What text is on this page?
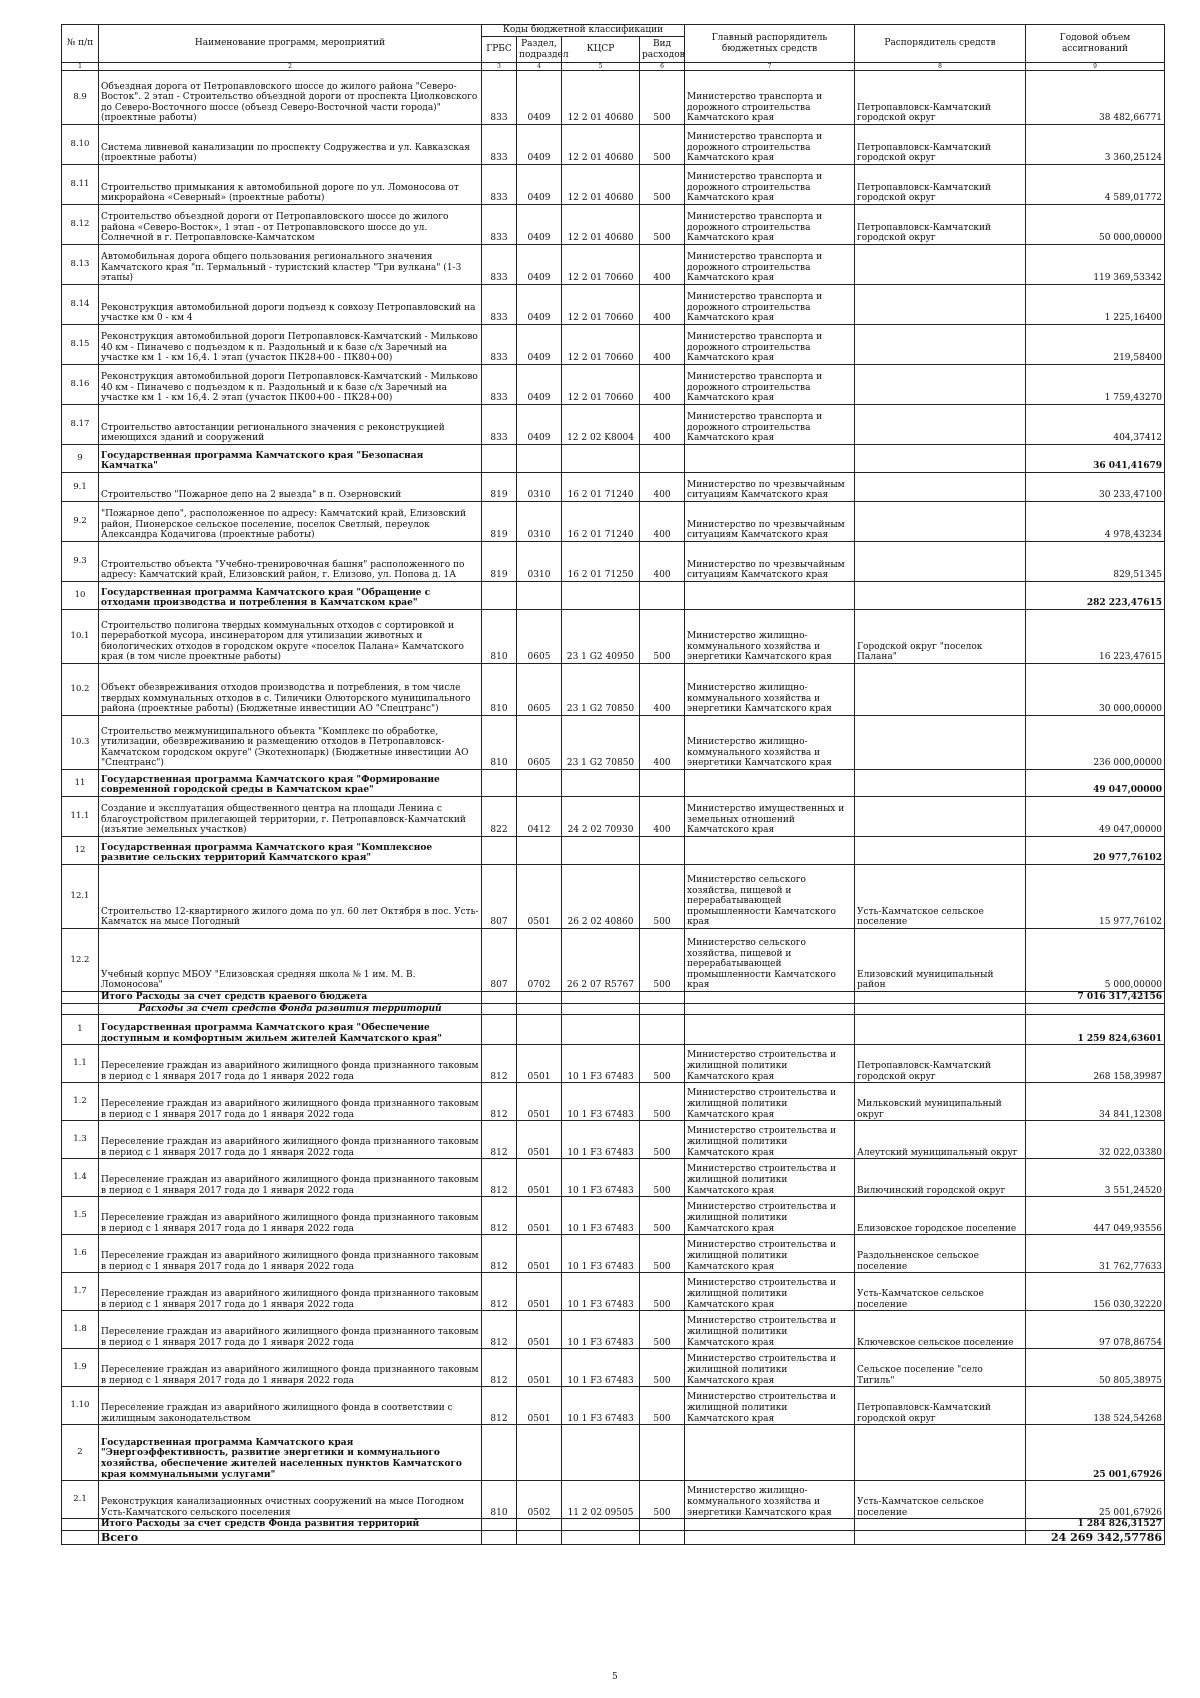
№ п/п	Наименование программ, мероприятий	Коды бюджетной классификации				Главный распорядитель бюджетных средств	Распорядитель средств	Годовой объем ассигнований
		ГРБС	Раздел, подраздел	КЦСР	Вид расходов			
1	2	3	4	5	6	7	8	9
8.9	Объездная дорога от Петропавловского шоссе до жилого района "Северо-Восток". 2 этап - Строительство объездной дороги от проспекта Циолковского до Северо-Восточного шоссе (объезд Северо-Восточной части города)" (проектные работы)	833	0409	12 2 01 40680	500	Министерство транспорта и дорожного строительства Камчатского края	Петропавловск-Камчатский городской округ	38 482,66771
8.10	Система ливневой канализации по проспекту Содружества и ул. Кавказская (проектные работы)	833	0409	12 2 01 40680	500	Министерство транспорта и дорожного строительства Камчатского края	Петропавловск-Камчатский городской округ	3 360,25124
8.11	Строительство примыкания к автомобильной дороге по ул. Ломоносова от микрорайона «Северный» (проектные работы)	833	0409	12 2 01 40680	500	Министерство транспорта и дорожного строительства Камчатского края	Петропавловск-Камчатский городской округ	4 589,01772
8.12	Строительство объездной дороги от Петропавловского шоссе до жилого района «Северо-Восток», 1 этап - от Петропавловского шоссе до ул. Солнечной в г. Петропавловске-Камчатском	833	0409	12 2 01 40680	500	Министерство транспорта и дорожного строительства Камчатского края	Петропавловск-Камчатский городской округ	50 000,00000
8.13	Автомобильная дорога общего пользования регионального значения Камчатского края "п. Термальный - туристский кластер "Три вулкана" (1-3 этапы)	833	0409	12 2 01 70660	400	Министерство транспорта и дорожного строительства Камчатского края		119 369,53342
8.14	Реконструкция автомобильной дороги подъезд к совхозу Петропавловский на участке км 0 - км 4	833	0409	12 2 01 70660	400	Министерство транспорта и дорожного строительства Камчатского края		1 225,16400
8.15	Реконструкция автомобильной дороги Петропавловск-Камчатский - Мильково 40 км - Пиначево с подъездом к п. Раздольный и к базе с/х Заречный на участке км 1 - км 16,4. 1 этап (участок ПК28+00 - ПК80+00)	833	0409	12 2 01 70660	400	Министерство транспорта и дорожного строительства Камчатского края		219,58400
8.16	Реконструкция автомобильной дороги Петропавловск-Камчатский - Мильково 40 км - Пиначево с подъездом к п. Раздольный и к базе с/х Заречный на участке км 1 - км 16,4. 2 этап (участок ПК00+00 - ПК28+00)	833	0409	12 2 01 70660	400	Министерство транспорта и дорожного строительства Камчатского края		1 759,43270
8.17	Строительство автостанции регионального значения с реконструкцией имеющихся зданий и сооружений	833	0409	12 2 02 K8004	400	Министерство транспорта и дорожного строительства Камчатского края		404,37412
9	Государственная программа Камчатского края "Безопасная Камчатка"							36 041,41679
9.1	Строительство "Пожарное депо на 2 выезда" в п. Озерновский	819	0310	16 2 01 71240	400	Министерство по чрезвычайным ситуациям Камчатского края		30 233,47100
9.2	"Пожарное депо", расположенное по адресу: Камчатский край, Елизовский район, Пионерское сельское поселение, поселок Светлый, переулок Александра Кодачигова (проектные работы)	819	0310	16 2 01 71240	400	Министерство по чрезвычайным ситуациям Камчатского края		4 978,43234
9.3	Строительство объекта "Учебно-тренировочная башня" расположенного по адресу: Камчатский край, Елизовский район, г. Елизово, ул. Попова д. 1А	819	0310	16 2 01 71250	400	Министерство по чрезвычайным ситуациям Камчатского края		829,51345
10	Государственная программа Камчатского края "Обращение с отходами производства и потребления в Камчатском крае"							282 223,47615
10.1	Строительство полигона твердых коммунальных отходов с сортировкой и переработкой мусора, инсинератором для утилизации животных и биологических отходов в городском округе «поселок Палана» Камчатского края (в том числе проектные работы)	810	0605	23 1 G2 40950	500	Министерство жилищно-коммунального хозяйства и энергетики Камчатского края	Городской округ "поселок Палана"	16 223,47615
10.2	Объект обезвреживания отходов производства и потребления, в том числе твердых коммунальных отходов в с. Тиличики Олюторского муниципального района (проектные работы) (Бюджетные инвестиции АО "Спецтранс")	810	0605	23 1 G2 70850	400	Министерство жилищно-коммунального хозяйства и энергетики Камчатского края		30 000,00000
10.3	Строительство межмуниципального объекта "Комплекс по обработке, утилизации, обезвреживанию и размещению отходов в Петропавловск-Камчатском городском округе" (Экотехнопарк) (Бюджетные инвестиции АО "Спецтранс")	810	0605	23 1 G2 70850	400	Министерство жилищно-коммунального хозяйства и энергетики Камчатского края		236 000,00000
11	Государственная программа Камчатского края "Формирование современной городской среды в Камчатском крае"							49 047,00000
11.1	Создание и эксплуатация общественного центра на площади Ленина с благоустройством прилегающей территории, г. Петропавловск-Камчатский (изъятие земельных участков)	822	0412	24 2 02 70930	400	Министерство имущественных и земельных отношений Камчатского края		49 047,00000
12	Государственная программа Камчатского края "Комплексное развитие сельских территорий Камчатского края"							20 977,76102
12.1	Строительство 12-квартирного жилого дома по ул. 60 лет Октября в пос. Усть-Камчатск на мысе Погодный	807	0501	26 2 02 40860	500	Министерство сельского хозяйства, пищевой и перерабатывающей промышленности Камчатского края	Усть-Камчатское сельское поселение	15 977,76102
12.2	Учебный корпус МБОУ "Елизовская средняя школа № 1 им. М. В. Ломоносова"	807	0702	26 2 07 R5767	500	Министерство сельского хозяйства, пищевой и перерабатывающей промышленности Камчатского края	Елизовский муниципальный район	5 000,00000
	Итого Расходы за счет средств краевого бюджета							7 016 317,42156
	Расходы за счет средств Фонда развития территорий							
1	Государственная программа Камчатского края "Обеспечение доступным и комфортным жильем жителей Камчатского края"							1 259 824,63601
1.1	Переселение граждан из аварийного жилищного фонда признанного таковым в период с 1 января 2017 года до 1 января 2022 года	812	0501	10 1 F3 67483	500	Министерство строительства и жилищной политики Камчатского края	Петропавловск-Камчатский городской округ	268 158,39987
1.2	Переселение граждан из аварийного жилищного фонда признанного таковым в период с 1 января 2017 года до 1 января 2022 года	812	0501	10 1 F3 67483	500	Министерство строительства и жилищной политики Камчатского края	Мильковский муниципальный округ	34 841,12308
1.3	Переселение граждан из аварийного жилищного фонда признанного таковым в период с 1 января 2017 года до 1 января 2022 года	812	0501	10 1 F3 67483	500	Министерство строительства и жилищной политики Камчатского края	Алеутский муниципальный округ	32 022,03380
1.4	Переселение граждан из аварийного жилищного фонда признанного таковым в период с 1 января 2017 года до 1 января 2022 года	812	0501	10 1 F3 67483	500	Министерство строительства и жилищной политики Камчатского края	Вилючинский городской округ	3 551,24520
1.5	Переселение граждан из аварийного жилищного фонда признанного таковым в период с 1 января 2017 года до 1 января 2022 года	812	0501	10 1 F3 67483	500	Министерство строительства и жилищной политики Камчатского края	Елизовское городское поселение	447 049,93556
1.6	Переселение граждан из аварийного жилищного фонда признанного таковым в период с 1 января 2017 года до 1 января 2022 года	812	0501	10 1 F3 67483	500	Министерство строительства и жилищной политики Камчатского края	Раздольненское сельское поселение	31 762,77633
1.7	Переселение граждан из аварийного жилищного фонда признанного таковым в период с 1 января 2017 года до 1 января 2022 года	812	0501	10 1 F3 67483	500	Министерство строительства и жилищной политики Камчатского края	Усть-Камчатское сельское поселение	156 030,32220
1.8	Переселение граждан из аварийного жилищного фонда признанного таковым в период с 1 января 2017 года до 1 января 2022 года	812	0501	10 1 F3 67483	500	Министерство строительства и жилищной политики Камчатского края	Ключевское сельское поселение	97 078,86754
1.9	Переселение граждан из аварийного жилищного фонда признанного таковым в период с 1 января 2017 года до 1 января 2022 года	812	0501	10 1 F3 67483	500	Министерство строительства и жилищной политики Камчатского края	Сельское поселение "село Тигиль"	50 805,38975
1.10	Переселение граждан из аварийного жилищного фонда в соответствии с жилищным законодательством	812	0501	10 1 F3 67483	500	Министерство строительства и жилищной политики Камчатского края	Петропавловск-Камчатский городской округ	138 524,54268
2	Государственная программа Камчатского края "Энергоэффективность, развитие энергетики и коммунального хозяйства, обеспечение жителей населенных пунктов Камчатского края коммунальными услугами"							25 001,67926
2.1	Реконструкция канализационных очистных сооружений на мысе Погодном Усть-Камчатского сельского поселения	810	0502	11 2 02 09505	500	Министерство жилищно-коммунального хозяйства и энергетики Камчатского края	Усть-Камчатское сельское поселение	25 001,67926
	Итого Расходы за счет средств Фонда развития территорий							1 284 826,31527
	Всего							24 269 342,57786
5
